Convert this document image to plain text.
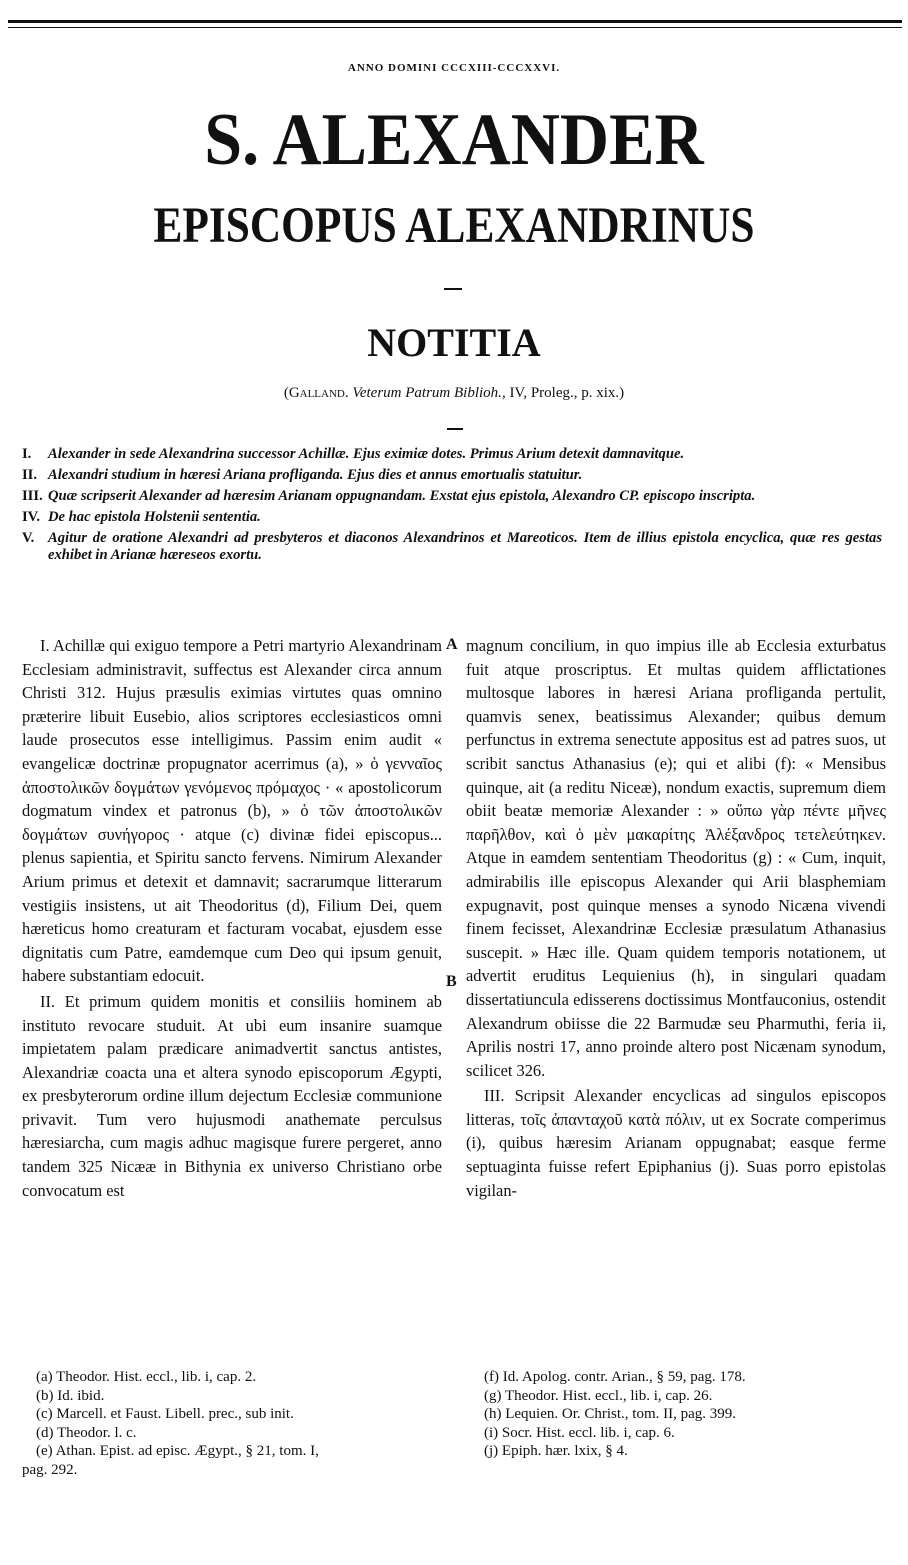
ANNO DOMINI CCCXIII-CCCXXVI.
S. ALEXANDER
EPISCOPUS ALEXANDRINUS
NOTITIA
(Galland. Veterum Patrum Biblioh., IV, Proleg., p. xix.)
I.	Alexander in sede Alexandrina successor Achillæ. Ejus eximiæ dotes. Primus Arium detexit damnavitque.
II. Alexandri studium in hæresi Ariana profliganda. Ejus dies et annus emortualis statuitur.
III. Quæ scripserit Alexander ad hæresim Arianam oppugnandam. Exstat ejus epistola, Alexandro CP. episcopo inscripta.
IV. De hac epistola Holstenii sententia.
V. Agitur de oratione Alexandri ad presbyteros et diaconos Alexandrinos et Mareoticos. Item de illius epistola encyclica, quæ res gestas exhibet in Arianæ hæreseos exortu.

I. Achillæ qui exiguo tempore a Petri martyrio Alexandrinam Ecclesiam administravit, suffectus est Alexander circa annum Christi 312. Hujus præsulis eximias virtutes quas omnino præterire libuit Eusebio, alios scriptores ecclesiasticos omni laude prosecutos esse intelligimus. Passim enim audit « evangelicæ doctrinæ propugnator acerrimus (a), » ὁ γενναῖος ἀποστολικῶν δογμάτων γενόμενος πρόμαχος · « apostolicorum dogmatum vindex et patronus (b), » ὁ τῶν ἀποστολικῶν δογμάτων συνήγορος · atque (c) divinæ fidei episcopus... plenus sapientia, et Spiritu sancto fervens. Nimirum Alexander Arium primus et detexit et damnavit; sacrarumque litterarum vestigiis insistens, ut ait Theodoritus (d), Filium Dei, quem hæreticus homo creaturam et facturam vocabat, ejusdem esse dignitatis cum Patre, eamdemque cum Deo qui ipsum genuit, habere substantiam edocuit.

II. Et primum quidem monitis et consiliis hominem ab instituto revocare studuit. At ubi eum insanire suamque impietatem palam prædicare animadvertit sanctus antistes, Alexandriæ coacta una et altera synodo episcoporum Ægypti, ex presbyterorum ordine illum dejectum Ecclesiæ communione privavit. Tum vero hujusmodi anathemate perculsus hæresiarcha, cum magis adhuc magisque furere pergeret, anno tandem 325 Nicææ in Bithynia ex universo Christiano orbe convocatum est

A
B

magnum concilium, in quo impius ille ab Ecclesia exturbatus fuit atque proscriptus. Et multas quidem afflictationes multosque labores in hæresi Ariana profliganda pertulit, quamvis senex, beatissimus Alexander; quibus demum perfunctus in extrema senectute appositus est ad patres suos, ut scribit sanctus Athanasius (e); qui et alibi (f): « Mensibus quinque, ait (a reditu Niceæ), nondum exactis, supremum diem obiit beatæ memoriæ Alexander : » οὔπω γὰρ πέντε μῆνες παρῆλθον, καὶ ὁ μὲν μακαρίτης Ἀλέξανδρος τετελεύτηκεν. Atque in eamdem sententiam Theodoritus (g) : « Cum, inquit, admirabilis ille episcopus Alexander qui Arii blasphemiam expugnavit, post quinque menses a synodo Nicæna vivendi finem fecisset, Alexandrinæ Ecclesiæ præsulatum Athanasius suscepit. » Hæc ille. Quam quidem temporis notationem, ut advertit eruditus Lequienius (h), in singulari quadam dissertatiuncula edisserens doctissimus Montfauconius, ostendit Alexandrum obiisse die 22 Barmudæ seu Pharmuthi, feria ii, Aprilis nostri 17, anno proinde altero post Nicænam synodum, scilicet 326.

III. Scripsit Alexander encyclicas ad singulos episcopos litteras, τοῖς ἀπανταχοῦ κατὰ πόλιν, ut ex Socrate comperimus (i), quibus hæresim Arianam oppugnabat; easque ferme septuaginta fuisse refert Epiphanius (j). Suas porro epistolas vigilan-

(a) Theodor. Hist. eccl., lib. i, cap. 2.
(b) Id. ibid.
(c) Marcell. et Faust. Libell. prec., sub init.
(d) Theodor. l. c.
(e) Athan. Epist. ad episc. Ægypt., § 21, tom. I,
pag. 292.
(f) Id. Apolog. contr. Arian., § 59, pag. 178.
(g) Theodor. Hist. eccl., lib. i, cap. 26.
(h) Lequien. Or. Christ., tom. II, pag. 399.
(i) Socr. Hist. eccl. lib. i, cap. 6.
(j) Epiph. hær. lxix, § 4.
